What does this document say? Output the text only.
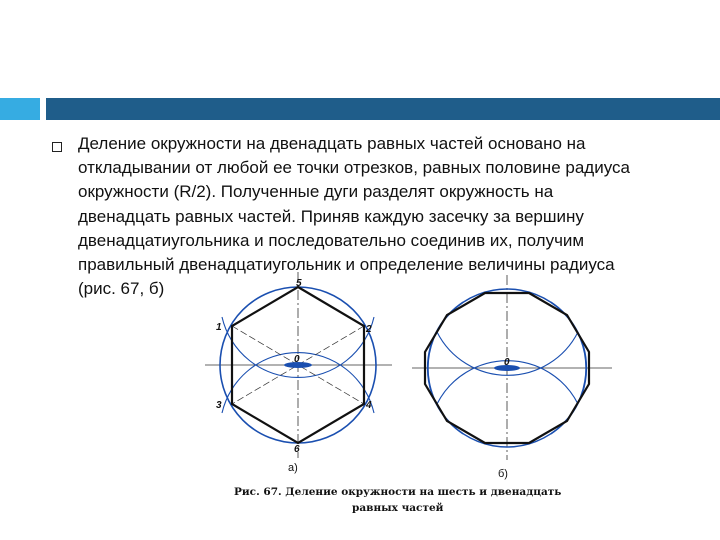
Деление окружности на двенадцать равных частей основано на
откладывании от любой ее точки отрезков, равных половине радиуса
окружности (R/2). Полученные дуги разделят окружность на
двенадцать равных частей. Приняв каждую засечку за вершину
двенадцатиугольника и последовательно соединив их, получим
правильный двенадцатиугольник и определение величины радиуса
(рис. 67, б)	5
1	2
3	4
6
0
а)
0
б)
Рис. 67. Деление окружности на шесть и двенадцать
равных частей
